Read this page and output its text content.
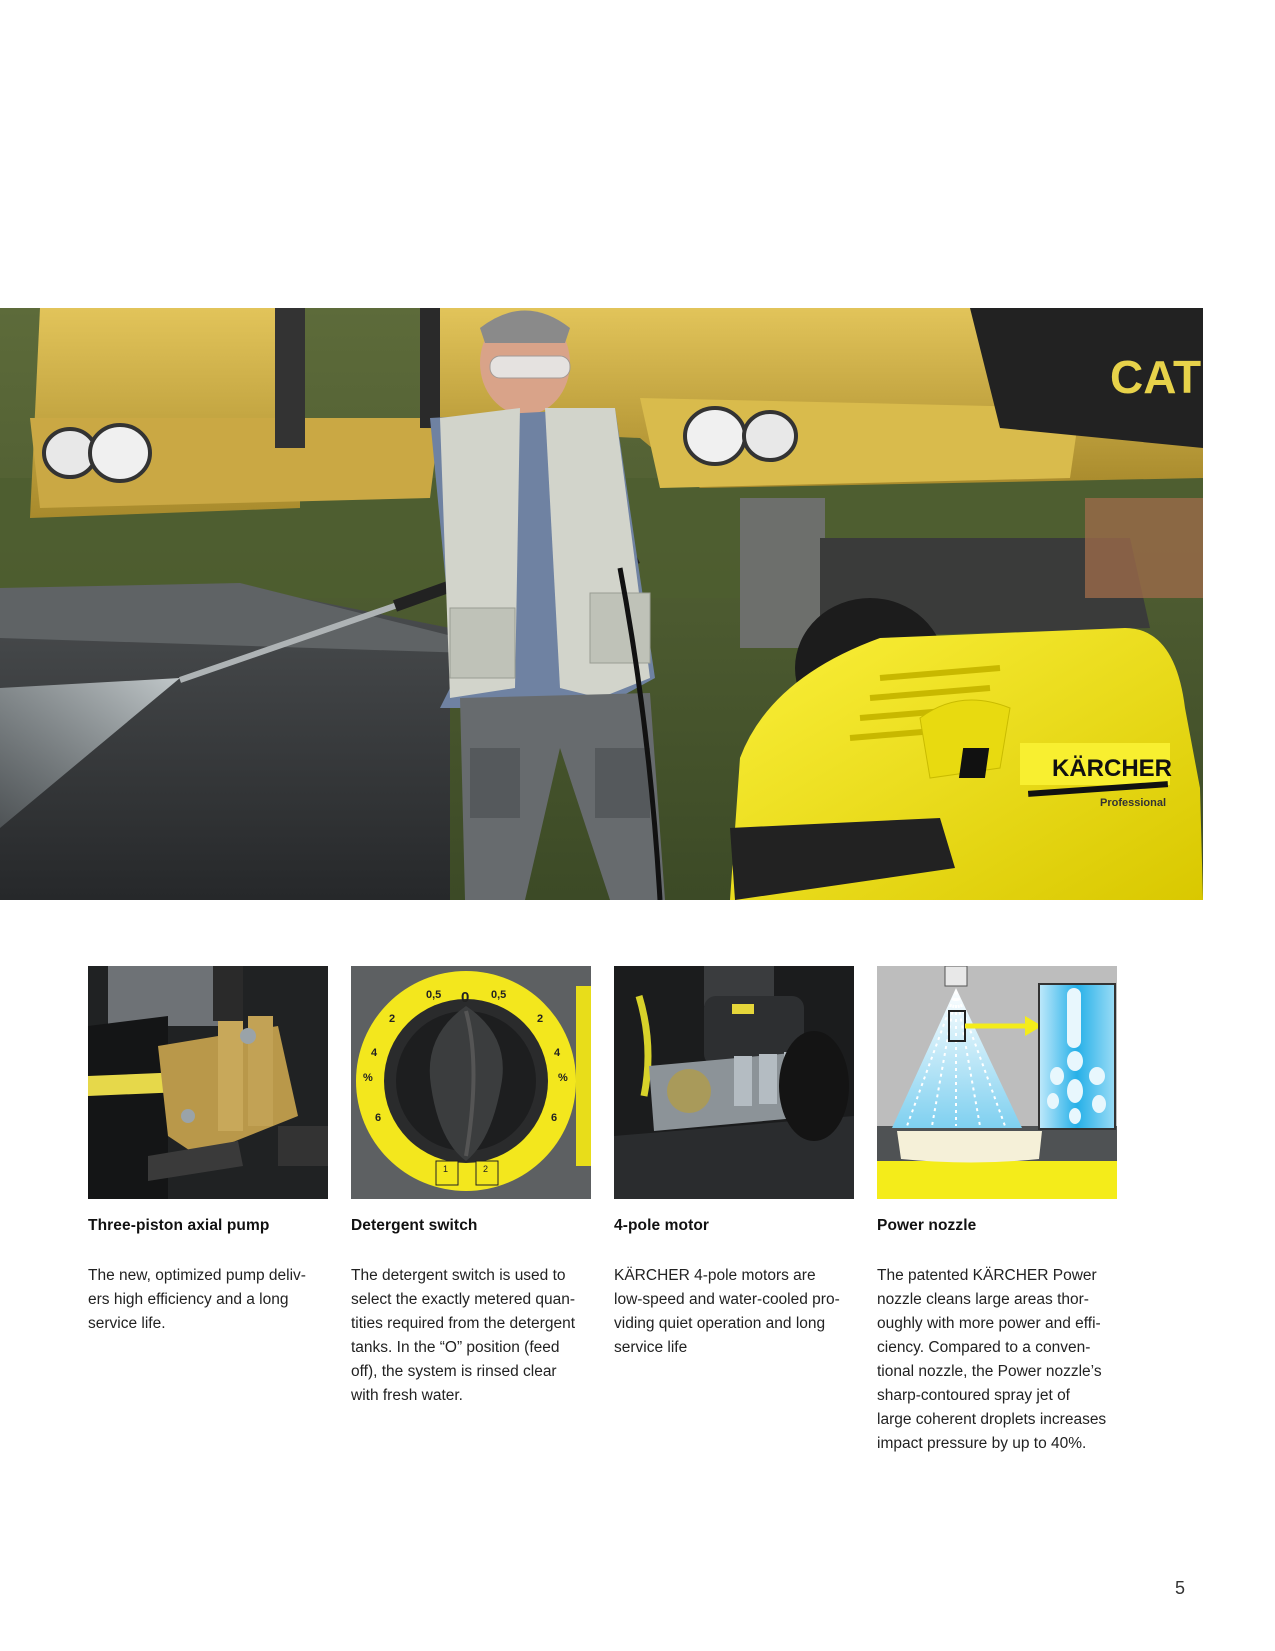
CAT
KÄRCHER
Professional
0,5 0 0,5
2	2
4	4
%	%
6	6
1	2
Three-piston axial pump

The new, optimized pump deliv-
ers high efficiency and a long
service life.

Detergent switch

The detergent switch is used to
select the exactly metered quan-
tities required from the detergent
tanks. In the “O” position (feed
off), the system is rinsed clear
with fresh water.

4-pole motor

KÄRCHER 4-pole motors are
low-speed and water-cooled pro-
viding quiet operation and long
service life

Power nozzle

The patented KÄRCHER Power
nozzle cleans large areas thor-
oughly with more power and effi-
ciency. Compared to a conven-
tional nozzle, the Power nozzle’s
sharp-contoured spray jet of
large coherent droplets increases
impact pressure by up to 40%.

5
